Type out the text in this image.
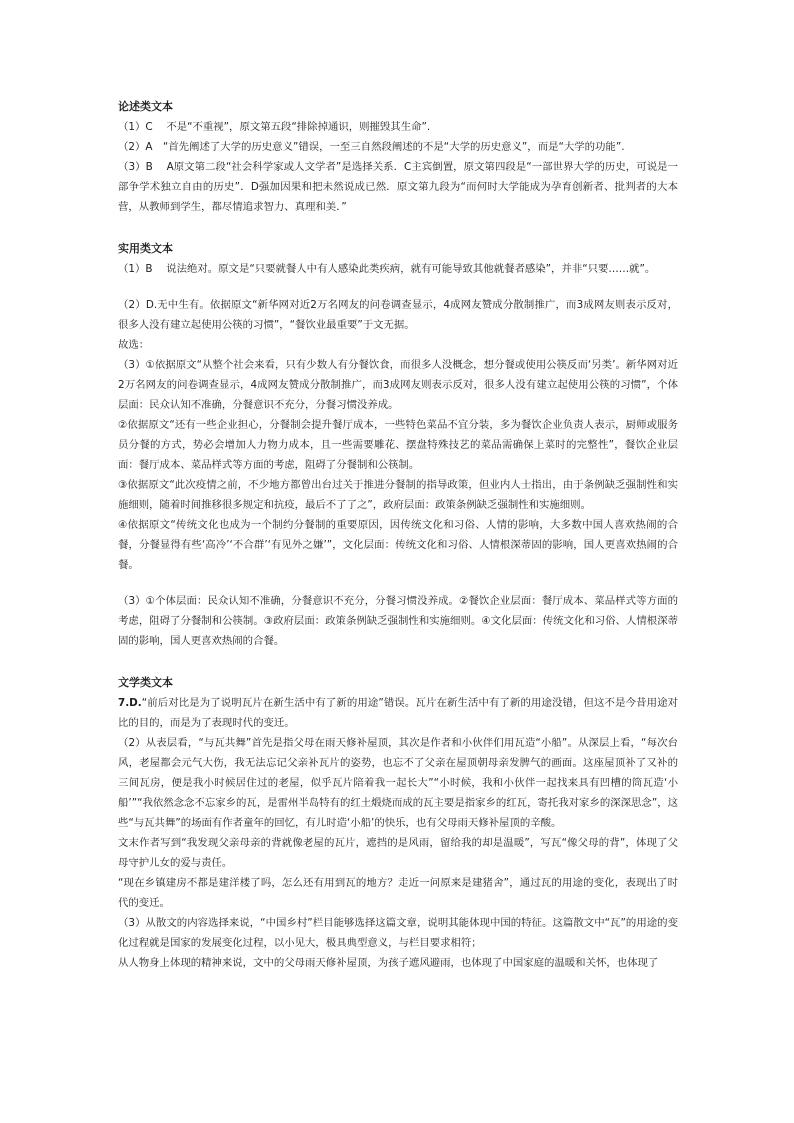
论述类文本

（1）C　 不是“不重视”，原文第五段“排除掉通识，则摧毁其生命”.

（2）A　“首先阐述了大学的历史意义”错误，一至三自然段阐述的不是“大学的历史意义”，而是“大学的功能”.

（3）B　 A原文第二段“社会科学家或人文学者”是选择关系．C主宾倒置，原文第四段是“一部世界大学的历史，可说是一部争学术独立自由的历史”．D强加因果和把未然说成已然．原文第九段为“而何时大学能成为孕育创新者、批判者的大本营，从教师到学生，都尽情追求智力、真理和美．”

实用类文本

（1）B　 说法绝对。原文是“只要就餐人中有人感染此类疾病，就有可能导致其他就餐者感染”，并非“只要……就”。

（2）D.无中生有。依据原文“新华网对近2万名网友的问卷调查显示，4成网友赞成分散制推广，而3成网友则表示反对，很多人没有建立起使用公筷的习惯”，“餐饮业最重要”于文无据。

故选：

（3）①依据原文“从整个社会来看，只有少数人有分餐饮食，而很多人没概念，想分餐或使用公筷反而‘另类’。新华网对近2万名网友的问卷调查显示，4成网友赞成分散制推广，而3成网友则表示反对，很多人没有建立起使用公筷的习惯”，个体层面：民众认知不准确，分餐意识不充分，分餐习惯没养成。

②依据原文“还有一些企业担心，分餐制会提升餐厅成本，一些特色菜品不宜分装，多为餐饮企业负责人表示，厨师或服务员分餐的方式，势必会增加人力物力成本，且一些需要雕花、摆盘特殊技艺的菜品需确保上菜时的完整性”，餐饮企业层面：餐厅成本、菜品样式等方面的考虑，阻碍了分餐制和公筷制。

③依据原文“此次疫情之前，不少地方都曾出台过关于推进分餐制的指导政策，但业内人士指出，由于条例缺乏强制性和实施细则，随着时间推移很多规定和抗疫，最后不了了之”，政府层面：政策条例缺乏强制性和实施细则。

④依据原文“传统文化也成为一个制约分餐制的重要原因，因传统文化和习俗、人情的影响，大多数中国人喜欢热闹的合餐，分餐显得有些‘高冷’‘不合群’‘有见外之嫌’”，文化层面：传统文化和习俗、人情根深蒂固的影响，国人更喜欢热闹的合餐。

（3）①个体层面：民众认知不准确，分餐意识不充分，分餐习惯没养成。②餐饮企业层面：餐厅成本、菜品样式等方面的考虑，阻碍了分餐制和公筷制。③政府层面：政策条例缺乏强制性和实施细则。④文化层面：传统文化和习俗、人情根深蒂固的影响，国人更喜欢热闹的合餐。

文学类文本

7.D.“前后对比是为了说明瓦片在新生活中有了新的用途”错误。瓦片在新生活中有了新的用途没错，但这不是今昔用途对比的目的，而是为了表现时代的变迁。

（2）从表层看，“与瓦共舞”首先是指父母在雨天修补屋顶，其次是作者和小伙伴们用瓦造“小船”。从深层上看，“每次台风，老屋都会元气大伤，我无法忘记父亲补瓦片的姿势，也忘不了父亲在屋顶朝母亲发脾气的画面。这座屋顶补了又补的三间瓦房，便是我小时候居住过的老屋，似乎瓦片陪着我一起长大”“小时候，我和小伙伴一起找来具有凹槽的筒瓦造‘小船’”“我依然念念不忘家乡的瓦，是雷州半岛特有的红土煅烧而成的瓦主要是指家乡的红瓦，寄托我对家乡的深深思念”，这些“与瓦共舞”的场面有作者童年的回忆，有儿时造‘小船’的快乐，也有父母雨天修补屋顶的辛酸。

文末作者写到“我发现父亲母亲的背就像老屋的瓦片，遮挡的是风雨，留给我的却是温暖”，写瓦“像父母的背”，体现了父母守护儿女的爱与责任。

“现在乡镇建房不都是建洋楼了吗，怎么还有用到瓦的地方？走近一问原来是建猪舍”，通过瓦的用途的变化，表现出了时代的变迁。

（3）从散文的内容选择来说，“中国乡村”栏目能够选择这篇文章，说明其能体现中国的特征。这篇散文中“瓦”的用途的变化过程就是国家的发展变化过程，以小见大，极具典型意义，与栏目要求相符；

从人物身上体现的精神来说，文中的父母雨天修补屋顶，为孩子遮风避雨，也体现了中国家庭的温暖和关怀，也体现了
